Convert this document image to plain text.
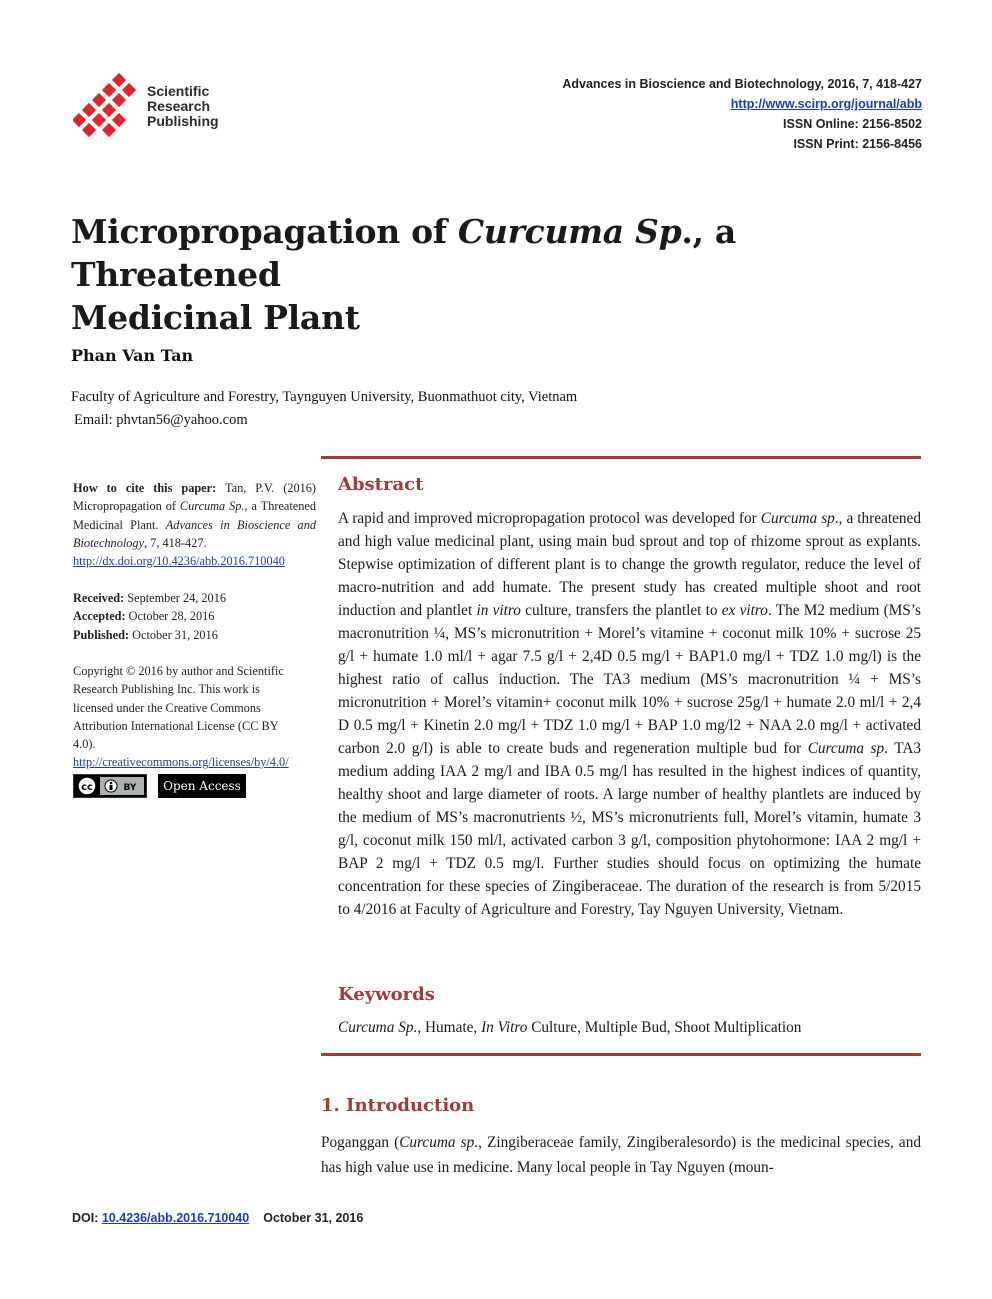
Scientific
Research
Publishing
Advances in Bioscience and Biotechnology, 2016, 7, 418-427
http://www.scirp.org/journal/abb
ISSN Online: 2156-8502
ISSN Print: 2156-8456
Micropropagation of Curcuma Sp., a Threatened
Medicinal Plant
Phan Van Tan
Faculty of Agriculture and Forestry, Taynguyen University, Buonmathuot city, Vietnam
Email: phvtan56@yahoo.com
How to cite this paper: Tan, P.V. (2016) Micropropagation of Curcuma Sp., a Threatened Medicinal Plant. Advances in Bioscience and Biotechnology, 7, 418-427.
http://dx.doi.org/10.4236/abb.2016.710040
Received: September 24, 2016
Accepted: October 28, 2016
Published: October 31, 2016
Copyright © 2016 by author and Scientific Research Publishing Inc. This work is licensed under the Creative Commons Attribution International License (CC BY 4.0).
http://creativecommons.org/licenses/by/4.0/
cc	BY	Open Access
Abstract
A rapid and improved micropropagation protocol was developed for Curcuma sp., a threatened and high value medicinal plant, using main bud sprout and top of rhizome sprout as explants. Stepwise optimization of different plant is to change the growth regulator, reduce the level of macro-nutrition and add humate. The present study has created multiple shoot and root induction and plantlet in vitro culture, transfers the plantlet to ex vitro. The M2 medium (MS’s macronutrition ¼, MS’s micronutrition + Morel’s vitamine + coconut milk 10% + sucrose 25 g/l + humate 1.0 ml/l + agar 7.5 g/l + 2,4D 0.5 mg/l + BAP1.0 mg/l + TDZ 1.0 mg/l) is the highest ratio of callus induction. The TA3 medium (MS’s macronutrition ¼ + MS’s micronutrition + Morel’s vitamin+ coconut milk 10% + sucrose 25g/l + humate 2.0 ml/l + 2,4 D 0.5 mg/l + Kinetin 2.0 mg/l + TDZ 1.0 mg/l + BAP 1.0 mg/l2 + NAA 2.0 mg/l + activated carbon 2.0 g/l) is able to create buds and regeneration multiple bud for Curcuma sp. TA3 medium adding IAA 2 mg/l and IBA 0.5 mg/l has resulted in the highest indices of quantity, healthy shoot and large diameter of roots. A large number of healthy plantlets are induced by the medium of MS’s macronutrients ½, MS’s micronutrients full, Morel’s vitamin, humate 3 g/l, coconut milk 150 ml/l, activated carbon 3 g/l, composition phytohormone: IAA 2 mg/l + BAP 2 mg/l + TDZ 0.5 mg/l. Further studies should focus on optimizing the humate concentration for these species of Zingiberaceae. The duration of the research is from 5/2015 to 4/2016 at Faculty of Agriculture and Forestry, Tay Nguyen University, Vietnam.
Keywords
Curcuma Sp., Humate, In Vitro Culture, Multiple Bud, Shoot Multiplication
1. Introduction
Poganggan (Curcuma sp., Zingiberaceae family, Zingiberalesordo) is the medicinal species, and has high value use in medicine. Many local people in Tay Nguyen (moun-
DOI: 10.4236/abb.2016.710040 October 31, 2016
